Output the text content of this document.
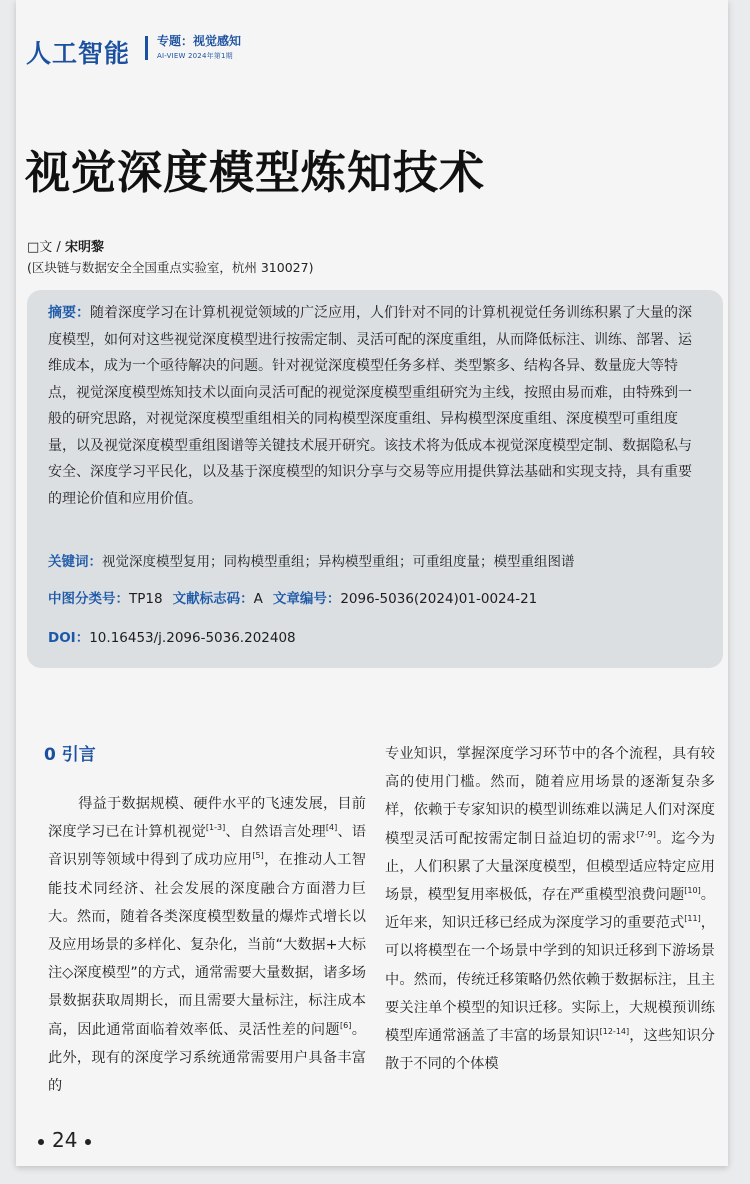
人工智能 专题：视觉感知
AI-VIEW 2024年第1期
视觉深度模型炼知技术
□文 / 宋明黎
(区块链与数据安全全国重点实验室，杭州 310027)
摘要：随着深度学习在计算机视觉领域的广泛应用，人们针对不同的计算机视觉任务训练积累了大量的深度模型，如何对这些视觉深度模型进行按需定制、灵活可配的深度重组，从而降低标注、训练、部署、运维成本，成为一个亟待解决的问题。针对视觉深度模型任务多样、类型繁多、结构各异、数量庞大等特点，视觉深度模型炼知技术以面向灵活可配的视觉深度模型重组研究为主线，按照由易而难，由特殊到一般的研究思路，对视觉深度模型重组相关的同构模型深度重组、异构模型深度重组、深度模型可重组度量，以及视觉深度模型重组图谱等关键技术展开研究。该技术将为低成本视觉深度模型定制、数据隐私与安全、深度学习平民化，以及基于深度模型的知识分享与交易等应用提供算法基础和实现支持，具有重要的理论价值和应用价值。
关键词：视觉深度模型复用；同构模型重组；异构模型重组；可重组度量；模型重组图谱
中图分类号：TP18 文献标志码：A 文章编号：2096-5036(2024)01-0024-21
DOI：10.16453/j.2096-5036.202408
0 引言

得益于数据规模、硬件水平的飞速发展，目前深度学习已在计算机视觉[1-3]、自然语言处理[4]、语音识别等领域中得到了成功应用[5]，在推动人工智能技术同经济、社会发展的深度融合方面潜力巨大。然而，随着各类深度模型数量的爆炸式增长以及应用场景的多样化、复杂化，当前“大数据+大标注◇深度模型”的方式，通常需要大量数据，诸多场景数据获取周期长，而且需要大量标注，标注成本高，因此通常面临着效率低、灵活性差的问题[6]。此外，现有的深度学习系统通常需要用户具备丰富的

专业知识，掌握深度学习环节中的各个流程，具有较高的使用门槛。然而，随着应用场景的逐渐复杂多样，依赖于专家知识的模型训练难以满足人们对深度模型灵活可配按需定制日益迫切的需求[7-9]。迄今为止，人们积累了大量深度模型，但模型适应特定应用场景，模型复用率极低，存在严重模型浪费问题[10]。近年来，知识迁移已经成为深度学习的重要范式[11]，可以将模型在一个场景中学到的知识迁移到下游场景中。然而，传统迁移策略仍然依赖于数据标注，且主要关注单个模型的知识迁移。实际上，大规模预训练模型库通常涵盖了丰富的场景知识[12-14]，这些知识分散于不同的个体模

24
